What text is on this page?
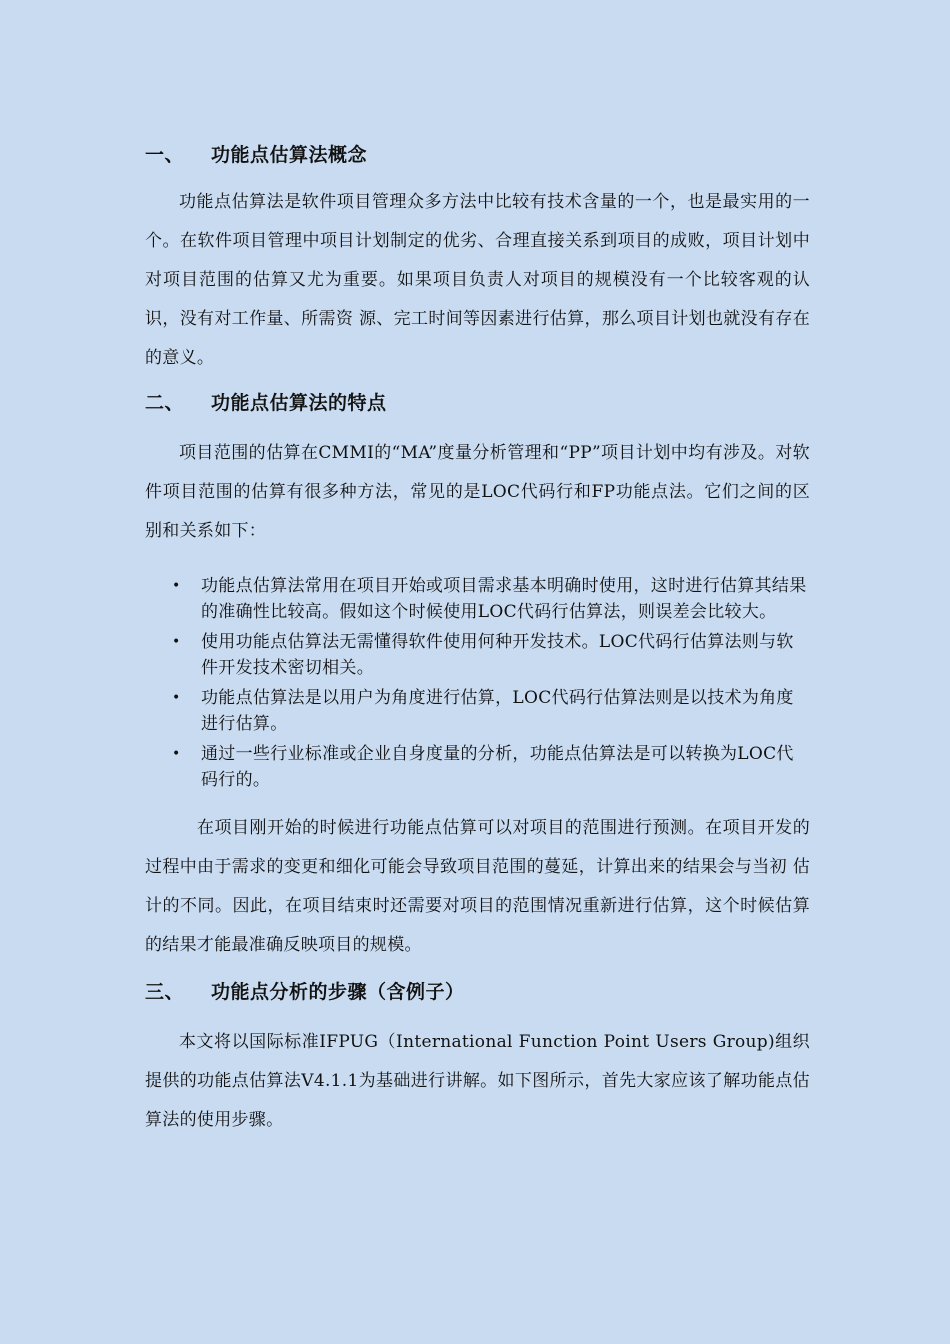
一、	功能点估算法概念
功能点估算法是软件项目管理众多方法中比较有技术含量的一个，也是最实用的一个。在软件项目管理中项目计划制定的优劣、合理直接关系到项目的成败，项目计划中对项目范围的估算又尤为重要。如果项目负责人对项目的规模没有一个比较客观的认识，没有对工作量、所需资 源、完工时间等因素进行估算，那么项目计划也就没有存在的意义。
二、	功能点估算法的特点
项目范围的估算在CMMI的“MA”度量分析管理和“PP”项目计划中均有涉及。对软件项目范围的估算有很多种方法，常见的是LOC代码行和FP功能点法。它们之间的区别和关系如下：
• 功能点估算法常用在项目开始或项目需求基本明确时使用，这时进行估算其结果的准确性比较高。假如这个时候使用LOC代码行估算法，则误差会比较大。
• 使用功能点估算法无需懂得软件使用何种开发技术。LOC代码行估算法则与软件开发技术密切相关。
• 功能点估算法是以用户为角度进行估算，LOC代码行估算法则是以技术为角度进行估算。
• 通过一些行业标准或企业自身度量的分析，功能点估算法是可以转换为LOC代码行的。
在项目刚开始的时候进行功能点估算可以对项目的范围进行预测。在项目开发的过程中由于需求的变更和细化可能会导致项目范围的蔓延，计算出来的结果会与当初 估计的不同。因此，在项目结束时还需要对项目的范围情况重新进行估算，这个时候估算的结果才能最准确反映项目的规模。
三、	功能点分析的步骤（含例子）
本文将以国际标准IFPUG（International Function Point Users Group)组织提供的功能点估算法V4.1.1为基础进行讲解。如下图所示，首先大家应该了解功能点估算法的使用步骤。
